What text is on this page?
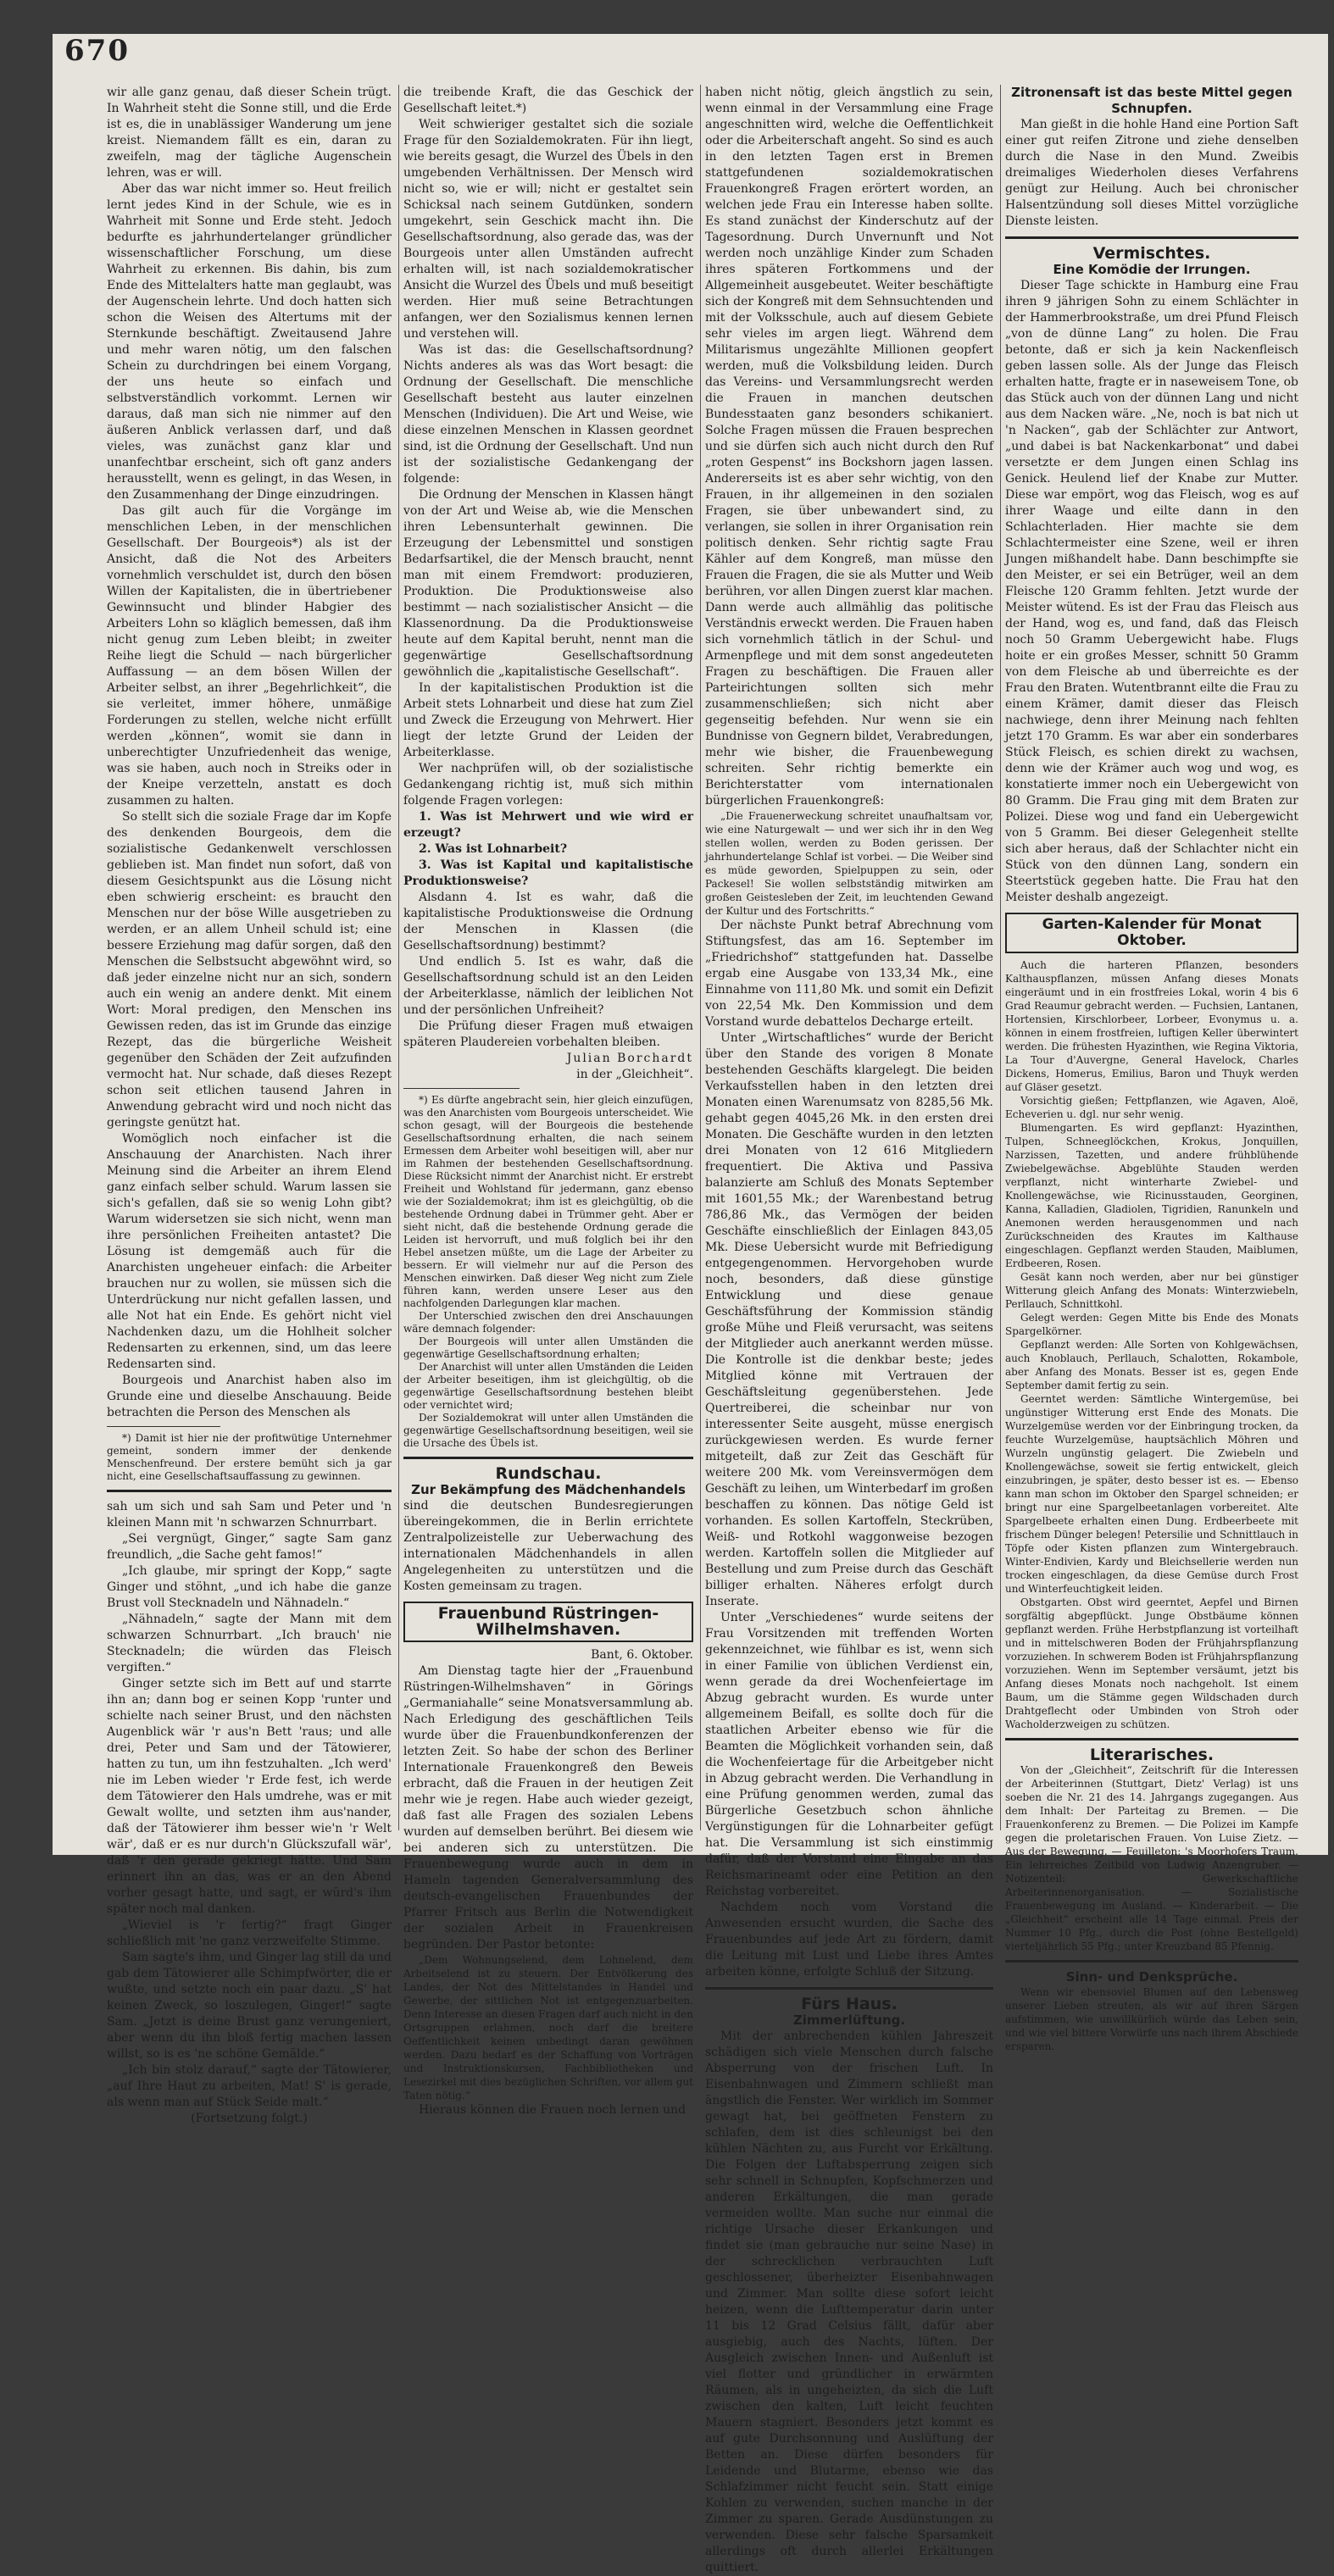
670

wir alle ganz genau, daß dieser Schein trügt. In Wahrheit steht die Sonne still, und die Erde ist es, die in unablässiger Wanderung um jene kreist. Niemandem fällt es ein, daran zu zweifeln, mag der tägliche Augenschein lehren, was er will.

Aber das war nicht immer so. Heut freilich lernt jedes Kind in der Schule, wie es in Wahrheit mit Sonne und Erde steht. Jedoch bedurfte es jahrhundertelanger gründlicher wissenschaftlicher Forschung, um diese Wahrheit zu erkennen. Bis dahin, bis zum Ende des Mittelalters hatte man geglaubt, was der Augenschein lehrte. Und doch hatten sich schon die Weisen des Altertums mit der Sternkunde beschäftigt. Zweitausend Jahre und mehr waren nötig, um den falschen Schein zu durchdringen bei einem Vorgang, der uns heute so einfach und selbstverständlich vorkommt. Lernen wir daraus, daß man sich nie nimmer auf den äußeren Anblick verlassen darf, und daß vieles, was zunächst ganz klar und unanfechtbar erscheint, sich oft ganz anders herausstellt, wenn es gelingt, in das Wesen, in den Zusammenhang der Dinge einzudringen.

Das gilt auch für die Vorgänge im menschlichen Leben, in der menschlichen Gesellschaft. Der Bourgeois*) als ist der Ansicht, daß die Not des Arbeiters vornehmlich verschuldet ist, durch den bösen Willen der Kapitalisten, die in übertriebener Gewinnsucht und blinder Habgier des Arbeiters Lohn so kläglich bemessen, daß ihm nicht genug zum Leben bleibt; in zweiter Reihe liegt die Schuld — nach bürgerlicher Auffassung — an dem bösen Willen der Arbeiter selbst, an ihrer „Begehrlichkeit“, die sie verleitet, immer höhere, unmäßige Forderungen zu stellen, welche nicht erfüllt werden „können“, womit sie dann in unberechtigter Unzufriedenheit das wenige, was sie haben, auch noch in Streiks oder in der Kneipe verzetteln, anstatt es doch zusammen zu halten.

So stellt sich die soziale Frage dar im Kopfe des denkenden Bourgeois, dem die sozialistische Gedankenwelt verschlossen geblieben ist. Man findet nun sofort, daß von diesem Gesichtspunkt aus die Lösung nicht eben schwierig erscheint: es braucht den Menschen nur der böse Wille ausgetrieben zu werden, er an allem Unheil schuld ist; eine bessere Erziehung mag dafür sorgen, daß den Menschen die Selbstsucht abgewöhnt wird, so daß jeder einzelne nicht nur an sich, sondern auch ein wenig an andere denkt. Mit einem Wort: Moral predigen, den Menschen ins Gewissen reden, das ist im Grunde das einzige Rezept, das die bürgerliche Weisheit gegenüber den Schäden der Zeit aufzufinden vermocht hat. Nur schade, daß dieses Rezept schon seit etlichen tausend Jahren in Anwendung gebracht wird und noch nicht das geringste genützt hat.

Womöglich noch einfacher ist die Anschauung der Anarchisten. Nach ihrer Meinung sind die Arbeiter an ihrem Elend ganz einfach selber schuld. Warum lassen sie sich's gefallen, daß sie so wenig Lohn gibt? Warum widersetzen sie sich nicht, wenn man ihre persönlichen Freiheiten antastet? Die Lösung ist demgemäß auch für die Anarchisten ungeheuer einfach: die Arbeiter brauchen nur zu wollen, sie müssen sich die Unterdrückung nur nicht gefallen lassen, und alle Not hat ein Ende. Es gehört nicht viel Nachdenken dazu, um die Hohlheit solcher Redensarten zu erkennen, sind, um das leere Redensarten sind.

Bourgeois und Anarchist haben also im Grunde eine und dieselbe Anschauung. Beide betrachten die Person des Menschen als

*) Damit ist hier nie der profitwütige Unternehmer gemeint, sondern immer der denkende Menschenfreund. Der erstere bemüht sich ja gar nicht, eine Gesellschaftsauffassung zu gewinnen.

sah um sich und sah Sam und Peter und 'n kleinen Mann mit 'n schwarzen Schnurrbart.

„Sei vergnügt, Ginger,“ sagte Sam ganz freundlich, „die Sache geht famos!“

„Ich glaube, mir springt der Kopp,“ sagte Ginger und stöhnt, „und ich habe die ganze Brust voll Stecknadeln und Nähnadeln.“

„Nähnadeln,“ sagte der Mann mit dem schwarzen Schnurrbart. „Ich brauch' nie Stecknadeln; die würden das Fleisch vergiften.“

Ginger setzte sich im Bett auf und starrte ihn an; dann bog er seinen Kopp 'runter und schielte nach seiner Brust, und den nächsten Augenblick wär 'r aus'n Bett 'raus; und alle drei, Peter und Sam und der Tätowierer, hatten zu tun, um ihn festzuhalten. „Ich werd' nie im Leben wieder 'r Erde fest, ich werde dem Tätowierer den Hals umdrehe, was er mit Gewalt wollte, und setzten ihm aus'nander, daß der Tätowierer ihm besser wie'n 'r Welt wär', daß er es nur durch'n Glückszufall wär', daß 'r den gerade gekriegt hätte. Und Sam erinnert ihn an das, was er an den Abend vorher gesagt hatte, und sagt, er würd's ihm später noch mal danken.

„Wieviel is 'r fertig?“ fragt Ginger schließlich mit 'ne ganz verzweifelte Stimme.

Sam sagte's ihm, und Ginger lag still da und gab dem Tätowierer alle Schimpfwörter, die er wußte, und setzte noch ein paar dazu. „S' hat keinen Zweck, so loszulegen, Ginger!“ sagte Sam. „Jetzt is deine Brust ganz verungeniert, aber wenn du ihn bloß fertig machen lassen willst, so is es 'ne schöne Gemälde.“

„Ich bin stolz darauf,“ sagte der Tätowierer, „auf Ihre Haut zu arbeiten, Mat! S' is gerade, als wenn man auf Stück Seide malt.“

(Fortsetzung folgt.)

die treibende Kraft, die das Geschick der Gesellschaft leitet.*)

Weit schwieriger gestaltet sich die soziale Frage für den Sozialdemokraten. Für ihn liegt, wie bereits gesagt, die Wurzel des Übels in den umgebenden Verhältnissen. Der Mensch wird nicht so, wie er will; nicht er gestaltet sein Schicksal nach seinem Gutdünken, sondern umgekehrt, sein Geschick macht ihn. Die Gesellschaftsordnung, also gerade das, was der Bourgeois unter allen Umständen aufrecht erhalten will, ist nach sozialdemokratischer Ansicht die Wurzel des Übels und muß beseitigt werden. Hier muß seine Betrachtungen anfangen, wer den Sozialismus kennen lernen und verstehen will.

Was ist das: die Gesellschaftsordnung? Nichts anderes als was das Wort besagt: die Ordnung der Gesellschaft. Die menschliche Gesellschaft besteht aus lauter einzelnen Menschen (Individuen). Die Art und Weise, wie diese einzelnen Menschen in Klassen geordnet sind, ist die Ordnung der Gesellschaft. Und nun ist der sozialistische Gedankengang der folgende:

Die Ordnung der Menschen in Klassen hängt von der Art und Weise ab, wie die Menschen ihren Lebensunterhalt gewinnen. Die Erzeugung der Lebensmittel und sonstigen Bedarfsartikel, die der Mensch braucht, nennt man mit einem Fremdwort: produzieren, Produktion. Die Produktionsweise also bestimmt — nach sozialistischer Ansicht — die Klassenordnung. Da die Produktionsweise heute auf dem Kapital beruht, nennt man die gegenwärtige Gesellschaftsordnung gewöhnlich die „kapitalistische Gesellschaft“.

In der kapitalistischen Produktion ist die Arbeit stets Lohnarbeit und diese hat zum Ziel und Zweck die Erzeugung von Mehrwert. Hier liegt der letzte Grund der Leiden der Arbeiterklasse.

Wer nachprüfen will, ob der sozialistische Gedankengang richtig ist, muß sich mithin folgende Fragen vorlegen:

1. Was ist Mehrwert und wie wird er erzeugt?

2. Was ist Lohnarbeit?

3. Was ist Kapital und kapitalistische Produktionsweise?

Alsdann 4. Ist es wahr, daß die kapitalistische Produktionsweise die Ordnung der Menschen in Klassen (die Gesellschaftsordnung) bestimmt?

Und endlich 5. Ist es wahr, daß die Gesellschaftsordnung schuld ist an den Leiden der Arbeiterklasse, nämlich der leiblichen Not und der persönlichen Unfreiheit?

Die Prüfung dieser Fragen muß etwaigen späteren Plaudereien vorbehalten bleiben.

Julian Borchardt

in der „Gleichheit“.

*) Es dürfte angebracht sein, hier gleich einzufügen, was den Anarchisten vom Bourgeois unterscheidet. Wie schon gesagt, will der Bourgeois die bestehende Gesellschaftsordnung erhalten, die nach seinem Ermessen dem Arbeiter wohl beseitigen will, aber nur im Rahmen der bestehenden Gesellschaftsordnung. Diese Rücksicht nimmt der Anarchist nicht. Er erstrebt Freiheit und Wohlstand für jedermann, ganz ebenso wie der Sozialdemokrat; ihm ist es gleichgültig, ob die bestehende Ordnung dabei in Trümmer geht. Aber er sieht nicht, daß die bestehende Ordnung gerade die Leiden ist hervorruft, und muß folglich bei ihr den Hebel ansetzen müßte, um die Lage der Arbeiter zu bessern. Er will vielmehr nur auf die Person des Menschen einwirken. Daß dieser Weg nicht zum Ziele führen kann, werden unsere Leser aus den nachfolgenden Darlegungen klar machen.

Der Unterschied zwischen den drei Anschauungen wäre demnach folgender:

Der Bourgeois will unter allen Umständen die gegenwärtige Gesellschaftsordnung erhalten;

Der Anarchist will unter allen Umständen die Leiden der Arbeiter beseitigen, ihm ist gleichgültig, ob die gegenwärtige Gesellschaftsordnung bestehen bleibt oder vernichtet wird;

Der Sozialdemokrat will unter allen Umständen die gegenwärtige Gesellschaftsordnung beseitigen, weil sie die Ursache des Übels ist.

Rundschau.

Zur Bekämpfung des Mädchenhandels

sind die deutschen Bundesregierungen übereingekommen, die in Berlin errichtete Zentralpolizeistelle zur Ueberwachung des internationalen Mädchenhandels in allen Angelegenheiten zu unterstützen und die Kosten gemeinsam zu tragen.

Frauenbund Rüstringen-Wilhelmshaven.

Bant, 6. Oktober.

Am Dienstag tagte hier der „Frauenbund Rüstringen-Wilhelmshaven“ in Görings „Germaniahalle“ seine Monatsversammlung ab. Nach Erledigung des geschäftlichen Teils wurde über die Frauenbundkonferenzen der letzten Zeit. So habe der schon des Berliner Internationale Frauenkongreß den Beweis erbracht, daß die Frauen in der heutigen Zeit mehr wie je regen. Habe auch wieder gezeigt, daß fast alle Fragen des sozialen Lebens wurden auf demselben berührt. Bei diesem wie bei anderen sich zu unterstützen. Die Frauenbewegung wurde auch in dem in Hameln tagenden Generalversammlung des deutsch-evangelischen Frauenbundes der Pfarrer Fritsch aus Berlin die Notwendigkeit der sozialen Arbeit in Frauenkreisen begründen. Der Pastor betonte:

„Dem Wohnungselend, dem Lohnelend, dem Arbeitselend ist zu steuern. Der Entvölkerung des Landes, der Not des Mittelstandes in Handel und Gewerbe, der sittlichen Not ist entgegenzuarbeiten. Denn Interesse an diesen Fragen darf auch nicht in den Ortsgruppen erlahmen, noch darf die breitere Oeffentlichkeit keinen unbedingt daran gewöhnen werden. Dazu bedarf es der Schaffung von Vorträgen und Instruktionskursen, Fachbibliotheken und Lesezirkel mit dies bezüglichen Schriften, vor allem gut Taten nötig.“

Hieraus können die Frauen noch lernen und

haben nicht nötig, gleich ängstlich zu sein, wenn einmal in der Versammlung eine Frage angeschnitten wird, welche die Oeffentlichkeit oder die Arbeiterschaft angeht. So sind es auch in den letzten Tagen erst in Bremen stattgefundenen sozialdemokratischen Frauenkongreß Fragen erörtert worden, an welchen jede Frau ein Interesse haben sollte. Es stand zunächst der Kinderschutz auf der Tagesordnung. Durch Unvernunft und Not werden noch unzählige Kinder zum Schaden ihres späteren Fortkommens und der Allgemeinheit ausgebeutet. Weiter beschäftigte sich der Kongreß mit dem Sehnsuchtenden und mit der Volksschule, auch auf diesem Gebiete sehr vieles im argen liegt. Während dem Militarismus ungezählte Millionen geopfert werden, muß die Volksbildung leiden. Durch das Vereins- und Versammlungsrecht werden die Frauen in manchen deutschen Bundesstaaten ganz besonders schikaniert. Solche Fragen müssen die Frauen besprechen und sie dürfen sich auch nicht durch den Ruf „roten Gespenst“ ins Bockshorn jagen lassen. Andererseits ist es aber sehr wichtig, von den Frauen, in ihr allgemeinen in den sozialen Fragen, sie über unbewandert sind, zu verlangen, sie sollen in ihrer Organisation rein politisch denken. Sehr richtig sagte Frau Kähler auf dem Kongreß, man müsse den Frauen die Fragen, die sie als Mutter und Weib berühren, vor allen Dingen zuerst klar machen. Dann werde auch allmählig das politische Verständnis erweckt werden. Die Frauen haben sich vornehmlich tätlich in der Schul- und Armenpflege und mit dem sonst angedeuteten Fragen zu beschäftigen. Die Frauen aller Parteirichtungen sollten sich mehr zusammenschließen; sich nicht aber gegenseitig befehden. Nur wenn sie ein Bundnisse von Gegnern bildet, Verabredungen, mehr wie bisher, die Frauenbewegung schreiten. Sehr richtig bemerkte ein Berichterstatter vom internationalen bürgerlichen Frauenkongreß:

„Die Frauenerweckung schreitet unaufhaltsam vor, wie eine Naturgewalt — und wer sich ihr in den Weg stellen wollen, werden zu Boden gerissen. Der jahrhundertelange Schlaf ist vorbei. — Die Weiber sind es müde geworden, Spielpuppen zu sein, oder Packesel! Sie wollen selbstständig mitwirken am großen Geistesleben der Zeit, im leuchtenden Gewand der Kultur und des Fortschritts.“

Der nächste Punkt betraf Abrechnung vom Stiftungsfest, das am 16. September im „Friedrichshof“ stattgefunden hat. Dasselbe ergab eine Ausgabe von 133,34 Mk., eine Einnahme von 111,80 Mk. und somit ein Defizit von 22,54 Mk. Den Kommission und dem Vorstand wurde debattelos Decharge erteilt.

Unter „Wirtschaftliches“ wurde der Bericht über den Stande des vorigen 8 Monate bestehenden Geschäfts klargelegt. Die beiden Verkaufsstellen haben in den letzten drei Monaten einen Warenumsatz von 8285,56 Mk. gehabt gegen 4045,26 Mk. in den ersten drei Monaten. Die Geschäfte wurden in den letzten drei Monaten von 12 616 Mitgliedern frequentiert. Die Aktiva und Passiva balanzierte am Schluß des Monats September mit 1601,55 Mk.; der Warenbestand betrug 786,86 Mk., das Vermögen der beiden Geschäfte einschließlich der Einlagen 843,05 Mk. Diese Uebersicht wurde mit Befriedigung entgegengenommen. Hervorgehoben wurde noch, besonders, daß diese günstige Entwicklung und diese genaue Geschäftsführung der Kommission ständig große Mühe und Fleiß verursacht, was seitens der Mitglieder auch anerkannt werden müsse. Die Kontrolle ist die denkbar beste; jedes Mitglied könne mit Vertrauen der Geschäftsleitung gegenüberstehen. Jede Quertreiberei, die scheinbar nur von interessenter Seite ausgeht, müsse energisch zurückgewiesen werden. Es wurde ferner mitgeteilt, daß zur Zeit das Geschäft für weitere 200 Mk. vom Vereinsvermögen dem Geschäft zu leihen, um Winterbedarf im großen beschaffen zu können. Das nötige Geld ist vorhanden. Es sollen Kartoffeln, Steckrüben, Weiß- und Rotkohl waggonweise bezogen werden. Kartoffeln sollen die Mitglieder auf Bestellung und zum Preise durch das Geschäft billiger erhalten. Näheres erfolgt durch Inserate.

Unter „Verschiedenes“ wurde seitens der Frau Vorsitzenden mit treffenden Worten gekennzeichnet, wie fühlbar es ist, wenn sich in einer Familie von üblichen Verdienst ein, wenn gerade da drei Wochenfeiertage im Abzug gebracht wurden. Es wurde unter allgemeinem Beifall, es sollte doch für die staatlichen Arbeiter ebenso wie für die Beamten die Möglichkeit vorhanden sein, daß die Wochenfeiertage für die Arbeitgeber nicht in Abzug gebracht werden. Die Verhandlung in eine Prüfung genommen werden, zumal das Bürgerliche Gesetzbuch schon ähnliche Vergünstigungen für die Lohnarbeiter gefügt hat. Die Versammlung ist sich einstimmig dafür, daß der Vorstand eine Eingabe an das Reichsmarineamt oder eine Petition an den Reichstag vorbereitet.

Nachdem noch vom Vorstand die Anwesenden ersucht wurden, die Sache des Frauenbundes auf jede Art zu fördern, damit die Leitung mit Lust und Liebe ihres Amtes arbeiten könne, erfolgte Schluß der Sitzung.

Fürs Haus.

Zimmerlüftung.

Mit der anbrechenden kühlen Jahreszeit schädigen sich viele Menschen durch falsche Absperrung von der frischen Luft. In Eisenbahnwagen und Zimmern schließt man ängstlich die Fenster. Wer wirklich im Sommer gewagt hat, bei geöffneten Fenstern zu schlafen, dem ist dies schleunigst bei den kühlen Nächten zu, aus Furcht vor Erkältung. Die Folgen der Luftabsperrung zeigen sich sehr schnell in Schnupfen, Kopfschmerzen und anderen Erkältungen, die man gerade vermeiden wollte. Man suche nur einmal die richtige Ursache dieser Erkankungen und findet sie (man gebrauche nur seine Nase) in der schrecklichen verbrauchten Luft geschlossener, überheizter Eisenbahnwagen und Zimmer. Man sollte diese sofort leicht heizen, wenn die Lufttemperatur darin unter 11 bis 12 Grad Celsius fällt, dafür aber ausgiebig, auch des Nachts, lüften. Der Ausgleich zwischen Innen- und Außenluft ist viel flotter und gründlicher in erwärmten Räumen, als in ungeheizten, da sich die Luft zwischen den kalten, Luft leicht feuchten Mauern stagniert. Besonders jetzt kommt es auf gute Durchsonnung und Auslüftung der Betten an. Diese dürfen besonders für Leidende und Blutarme, ebenso wie das Schlafzimmer nicht feucht sein. Statt einige Kohlen zu verwenden, suchen manche in der Zimmer zu sparen. Gerade Ausdünstungen zu verwenden. Diese sehr falsche Sparsamkeit allerdings oft durch allerlei Erkältungen quittiert.

Zitronensaft ist das beste Mittel gegen Schnupfen.

Man gießt in die hohle Hand eine Portion Saft einer gut reifen Zitrone und ziehe denselben durch die Nase in den Mund. Zweibis dreimaliges Wiederholen dieses Verfahrens genügt zur Heilung. Auch bei chronischer Halsentzündung soll dieses Mittel vorzügliche Dienste leisten.

Vermischtes.

Eine Komödie der Irrungen.

Dieser Tage schickte in Hamburg eine Frau ihren 9 jährigen Sohn zu einem Schlächter in der Hammerbrookstraße, um drei Pfund Fleisch „von de dünne Lang“ zu holen. Die Frau betonte, daß er sich ja kein Nackenfleisch geben lassen solle. Als der Junge das Fleisch erhalten hatte, fragte er in naseweisem Tone, ob das Stück auch von der dünnen Lang und nicht aus dem Nacken wäre. „Ne, noch is bat nich ut 'n Nacken“, gab der Schlächter zur Antwort, „und dabei is bat Nackenkarbonat“ und dabei versetzte er dem Jungen einen Schlag ins Genick. Heulend lief der Knabe zur Mutter. Diese war empört, wog das Fleisch, wog es auf ihrer Waage und eilte dann in den Schlachterladen. Hier machte sie dem Schlachtermeister eine Szene, weil er ihren Jungen mißhandelt habe. Dann beschimpfte sie den Meister, er sei ein Betrüger, weil an dem Fleische 120 Gramm fehlten. Jetzt wurde der Meister wütend. Es ist der Frau das Fleisch aus der Hand, wog es, und fand, daß das Fleisch noch 50 Gramm Uebergewicht habe. Flugs hoite er ein großes Messer, schnitt 50 Gramm von dem Fleische ab und überreichte es der Frau den Braten. Wutentbrannt eilte die Frau zu einem Krämer, damit dieser das Fleisch nachwiege, denn ihrer Meinung nach fehlten jetzt 170 Gramm. Es war aber ein sonderbares Stück Fleisch, es schien direkt zu wachsen, denn wie der Krämer auch wog und wog, es konstatierte immer noch ein Uebergewicht von 80 Gramm. Die Frau ging mit dem Braten zur Polizei. Diese wog und fand ein Uebergewicht von 5 Gramm. Bei dieser Gelegenheit stellte sich aber heraus, daß der Schlachter nicht ein Stück von den dünnen Lang, sondern ein Steertstück gegeben hatte. Die Frau hat den Meister deshalb angezeigt.

Garten-Kalender für Monat Oktober.

Auch die harteren Pflanzen, besonders Kalthauspflanzen, müssen Anfang dieses Monats eingeräumt und in ein frostfreies Lokal, worin 4 bis 6 Grad Reaumur gebracht werden. — Fuchsien, Lantanen, Hortensien, Kirschlorbeer, Lorbeer, Evonymus u. a. können in einem frostfreien, luftigen Keller überwintert werden. Die frühesten Hyazinthen, wie Regina Viktoria, La Tour d'Auvergne, General Havelock, Charles Dickens, Homerus, Emilius, Baron und Thuyk werden auf Gläser gesetzt.

Vorsichtig gießen; Fettpflanzen, wie Agaven, Aloë, Echeverien u. dgl. nur sehr wenig.

Blumengarten. Es wird gepflanzt: Hyazinthen, Tulpen, Schneeglöckchen, Krokus, Jonquillen, Narzissen, Tazetten, und andere frühblühende Zwiebelgewächse. Abgeblühte Stauden werden verpflanzt, nicht winterharte Zwiebel- und Knollengewächse, wie Ricinusstauden, Georginen, Kanna, Kalladien, Gladiolen, Tigridien, Ranunkeln und Anemonen werden herausgenommen und nach Zurückschneiden des Krautes im Kalthause eingeschlagen. Gepflanzt werden Stauden, Maiblumen, Erdbeeren, Rosen.

Gesät kann noch werden, aber nur bei günstiger Witterung gleich Anfang des Monats: Winterzwiebeln, Perllauch, Schnittkohl.

Gelegt werden: Gegen Mitte bis Ende des Monats Spargelkörner.

Gepflanzt werden: Alle Sorten von Kohlgewächsen, auch Knoblauch, Perllauch, Schalotten, Rokambole, aber Anfang des Monats. Besser ist es, gegen Ende September damit fertig zu sein.

Geerntet werden: Sämtliche Wintergemüse, bei ungünstiger Witterung erst Ende des Monats. Die Wurzelgemüse werden vor der Einbringung trocken, da feuchte Wurzelgemüse, hauptsächlich Möhren und Wurzeln ungünstig gelagert. Die Zwiebeln und Knollengewächse, soweit sie fertig entwickelt, gleich einzubringen, je später, desto besser ist es. — Ebenso kann man schon im Oktober den Spargel schneiden; er bringt nur eine Spargelbeetanlagen vorbereitet. Alte Spargelbeete erhalten einen Dung. Erdbeerbeete mit frischem Dünger belegen! Petersilie und Schnittlauch in Töpfe oder Kisten pflanzen zum Wintergebrauch. Winter-Endivien, Kardy und Bleichsellerie werden nun trocken eingeschlagen, da diese Gemüse durch Frost und Winterfeuchtigkeit leiden.

Obstgarten. Obst wird geerntet, Aepfel und Birnen sorgfältig abgepflückt. Junge Obstbäume können gepflanzt werden. Frühe Herbstpflanzung ist vorteilhaft und in mittelschweren Boden der Frühjahrspflanzung vorzuziehen. In schwerem Boden ist Frühjahrspflanzung vorzuziehen. Wenn im September versäumt, jetzt bis Anfang dieses Monats noch nachgeholt. Ist einem Baum, um die Stämme gegen Wildschaden durch Drahtgeflecht oder Umbinden von Stroh oder Wacholderzweigen zu schützen.

Literarisches.

Von der „Gleichheit“, Zeitschrift für die Interessen der Arbeiterinnen (Stuttgart, Dietz' Verlag) ist uns soeben die Nr. 21 des 14. Jahrgangs zugegangen. Aus dem Inhalt: Der Parteitag zu Bremen. — Die Frauenkonferenz zu Bremen. — Die Polizei im Kampfe gegen die proletarischen Frauen. Von Luise Zietz. — Aus der Bewegung. — Feuilleton: 's Moorhofers Traum. Ein lehrreiches Zeitbild von Ludwig Anzengruber. — Notizenteil: Gewerkschaftliche Arbeiterinnenorganisation. — Sozialistische Frauenbewegung im Ausland. — Kinderarbeit. — Die „Gleichheit“ erscheint alle 14 Tage einmal. Preis der Nummer 10 Pfg., durch die Post (ohne Bestellgeld) vierteljährlich 55 Pfg.; unter Kreuzband 85 Pfennig.

Sinn- und Denksprüche.

Wenn wir ebensoviel Blumen auf den Lebensweg unserer Lieben streuten, als wir auf ihren Särgen aufstimmen, wie unwillkürlich würde das Leben sein, und wie viel bittere Vorwürfe uns nach ihrem Abschiede ersparen.
